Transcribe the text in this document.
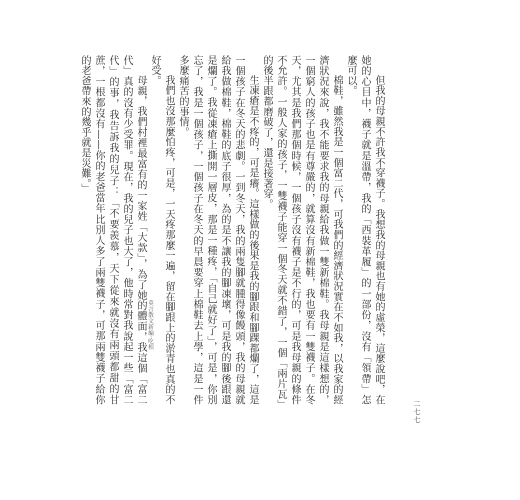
但我的母親不許我不穿襪子。我想我的母親也有她的虛榮，這麼說吧，在她的心目中，襪子就是溫帶，我的「西裝革履」的一部份，沒有「領帶」怎麼可以。

棉鞋，雖然我是一個富二代，可我們的經濟狀況實在不如我，以我家的經濟狀況來說，我不能要求我的母親給我做一雙新棉鞋。我母親是這樣想的，一個窮人的孩子也是有尊嚴的，就算沒有新棉鞋，我也要有一雙襪子。在冬天，尤其是我們那個時候，一個孩子沒有襪子是不行的，可是我母親的條件不允許。一般人家的孩子，一雙襪子能穿一個冬天就不錯了，一個「兩片瓦」的後半跟都磨破了，還是接著穿。

生凍瘡是不疼的，可是癢。這樣做的後果是我的腳跟和腳踝都爛了，這是一個孩子在冬天的悲劇。一到冬天，我的兩隻腳就腫得像饅頭，我的母親就給我做棉鞋，棉鞋的底子很厚，為的是不讓我的腳凍壞，可是我的腳後跟還是爛了。我從凍瘡上撕開一層皮，那是一種疼，「自己就好了」，可是，你別忘了，我是一個孩子，一個孩子在冬天的早晨要穿上棉鞋去上學，這是一件多麼痛苦的事情。

我們也沒那麼怕疼，可是，一天疼那麼一遍，留在腳跟上的淤青也真的不好受。

母親，我們村裡最富有的一家姓「大款」，為了她的體面，我這個「富二代」真的沒有少受罪。現在，我的兒子也大了，他時常對我說起一些「富二代」的事，我告訴我的兒子：「不要羨慕，天下從來就沒有兩頭都甜的甘蔗，一根都沒有——你的老爸當年比別人多了兩雙襪子，可那兩雙襪子給你的老爸帶來的幾乎就是災難。」

莫言散文新編·吃相
二七七
